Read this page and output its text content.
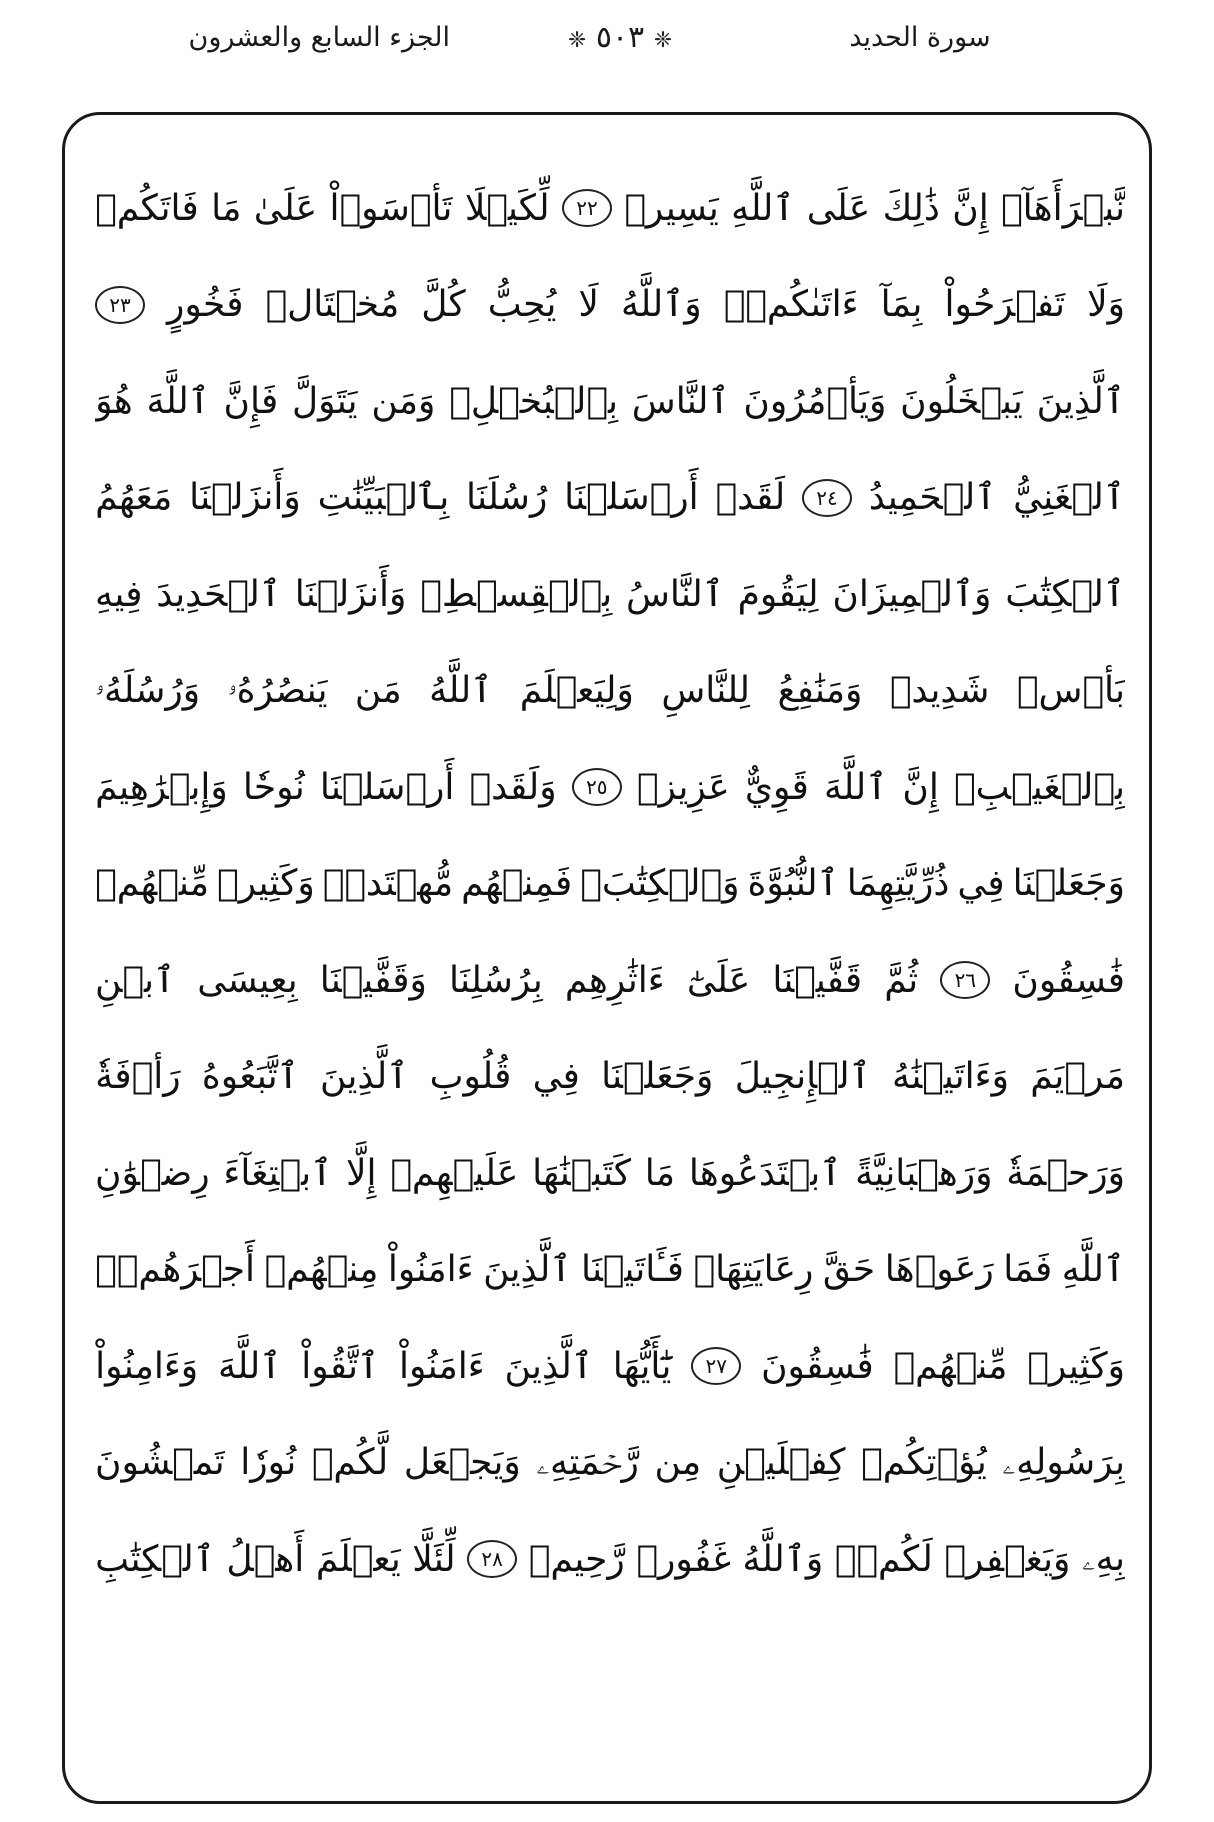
الجزء السابع والعشرون	❈ ٥٠٣ ❈	سورة الحديد
نَّبۡرَأَهَآۚ
إِنَّ
ذَٰلِكَ
عَلَى
ٱللَّهِ
يَسِيرٞ
٢٢
لِّكَيۡلَا
تَأۡسَوۡاْ
عَلَىٰ
مَا
فَاتَكُمۡ
وَلَا
تَفۡرَحُواْ
بِمَآ
ءَاتَىٰكُمۡۗ
وَٱللَّهُ
لَا
يُحِبُّ
كُلَّ
مُخۡتَالٖ
فَخُورٍ
٢٣
ٱلَّذِينَ
يَبۡخَلُونَ
وَيَأۡمُرُونَ
ٱلنَّاسَ
بِٱلۡبُخۡلِۗ
وَمَن
يَتَوَلَّ
فَإِنَّ
ٱللَّهَ
هُوَ
ٱلۡغَنِيُّ
ٱلۡحَمِيدُ
٢٤
لَقَدۡ
أَرۡسَلۡنَا
رُسُلَنَا
بِٱلۡبَيِّنَٰتِ
وَأَنزَلۡنَا
مَعَهُمُ
ٱلۡكِتَٰبَ
وَٱلۡمِيزَانَ
لِيَقُومَ
ٱلنَّاسُ
بِٱلۡقِسۡطِۖ
وَأَنزَلۡنَا
ٱلۡحَدِيدَ
فِيهِ
بَأۡسٞ
شَدِيدٞ
وَمَنَٰفِعُ
لِلنَّاسِ
وَلِيَعۡلَمَ
ٱللَّهُ
مَن
يَنصُرُهُۥ
وَرُسُلَهُۥ
بِٱلۡغَيۡبِۚ
إِنَّ
ٱللَّهَ
قَوِيٌّ
عَزِيزٞ
٢٥
وَلَقَدۡ
أَرۡسَلۡنَا
نُوحٗا
وَإِبۡرَٰهِيمَ
وَجَعَلۡنَا
فِي
ذُرِّيَّتِهِمَا
ٱلنُّبُوَّةَ
وَٱلۡكِتَٰبَۖ
فَمِنۡهُم
مُّهۡتَدٖۖ
وَكَثِيرٞ
مِّنۡهُمۡ
فَٰسِقُونَ
٢٦
ثُمَّ
قَفَّيۡنَا
عَلَىٰٓ
ءَاثَٰرِهِم
بِرُسُلِنَا
وَقَفَّيۡنَا
بِعِيسَى
ٱبۡنِ
مَرۡيَمَ
وَءَاتَيۡنَٰهُ
ٱلۡإِنجِيلَ
وَجَعَلۡنَا
فِي
قُلُوبِ
ٱلَّذِينَ
ٱتَّبَعُوهُ
رَأۡفَةٗ
وَرَحۡمَةٗ
وَرَهۡبَانِيَّةً
ٱبۡتَدَعُوهَا
مَا
كَتَبۡنَٰهَا
عَلَيۡهِمۡ
إِلَّا
ٱبۡتِغَآءَ
رِضۡوَٰنِ
ٱللَّهِ
فَمَا
رَعَوۡهَا
حَقَّ
رِعَايَتِهَاۖ
فَـَٔاتَيۡنَا
ٱلَّذِينَ
ءَامَنُواْ
مِنۡهُمۡ
أَجۡرَهُمۡۖ
وَكَثِيرٞ
مِّنۡهُمۡ
فَٰسِقُونَ
٢٧
يَٰٓأَيُّهَا
ٱلَّذِينَ
ءَامَنُواْ
ٱتَّقُواْ
ٱللَّهَ
وَءَامِنُواْ
بِرَسُولِهِۦ
يُؤۡتِكُمۡ
كِفۡلَيۡنِ
مِن
رَّحۡمَتِهِۦ
وَيَجۡعَل
لَّكُمۡ
نُورٗا
تَمۡشُونَ
بِهِۦ
وَيَغۡفِرۡ
لَكُمۡۚ
وَٱللَّهُ
غَفُورٞ
رَّحِيمٞ
٢٨
لِّئَلَّا
يَعۡلَمَ
أَهۡلُ
ٱلۡكِتَٰبِ
